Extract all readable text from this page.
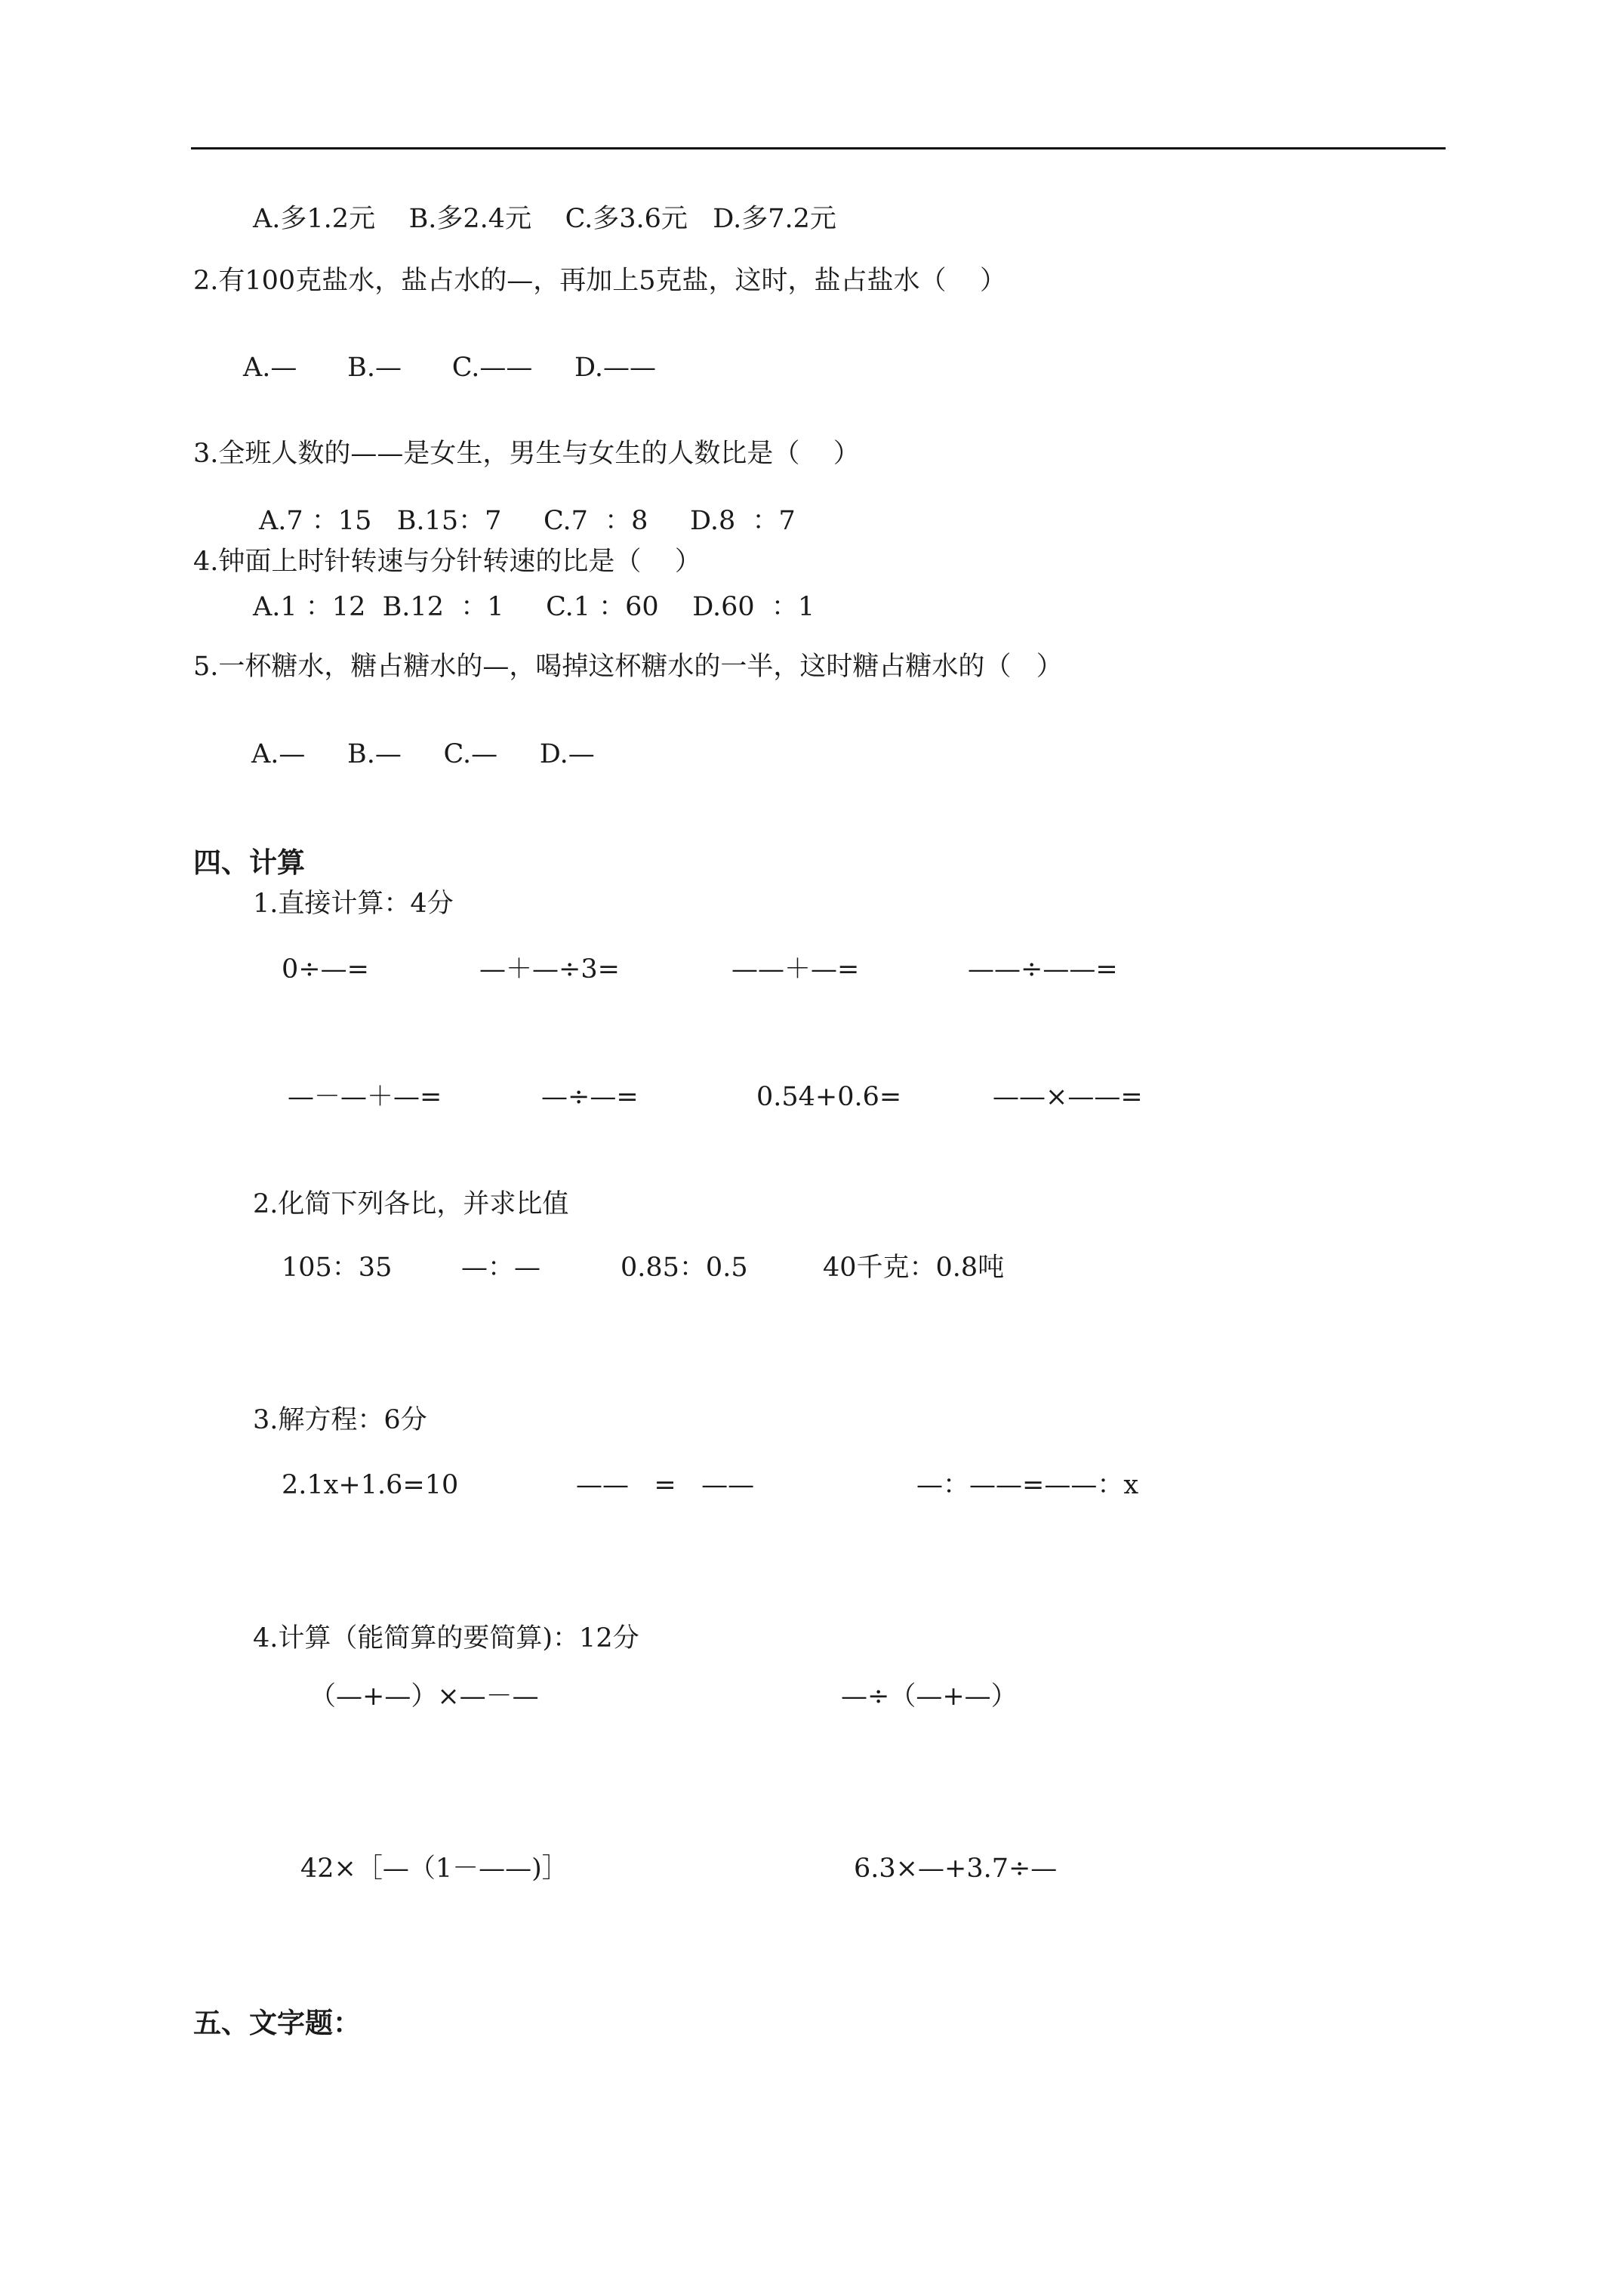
A.多1.2元    B.多2.4元    C.多3.6元   D.多7.2元
2.有100克盐水，盐占水的—，再加上5克盐，这时，盐占盐水（    ）
A.—      B.—      C.——     D.——
3.全班人数的——是女生，男生与女生的人数比是（    ）
A.7 ：15   B.15：7     C.7  ：8     D.8  ：7
4.钟面上时针转速与分针转速的比是（    ）
A.1 ：12  B.12  ：1     C.1 ：60    D.60  ：1
5.一杯糖水，糖占糖水的—，喝掉这杯糖水的一半，这时糖占糖水的（   ）
A.—     B.—     C.—     D.—
四、计算
1.直接计算：4分
0÷—=	—＋—÷3=	——＋—=	——÷——=
—－—＋—=	—÷—=	0.54+0.6=	——×——=
2.化简下列各比，并求比值
105：35	—：—	0.85：0.5	40千克：0.8吨
3.解方程：6分
2.1x+1.6=10	——   =   ——	—：——=——：x
4.计算（能简算的要简算)：12分
（—+—）×—－—	—÷（—+—）
42×［—（1－——)］	6.3×—+3.7÷—
五、文字题：
